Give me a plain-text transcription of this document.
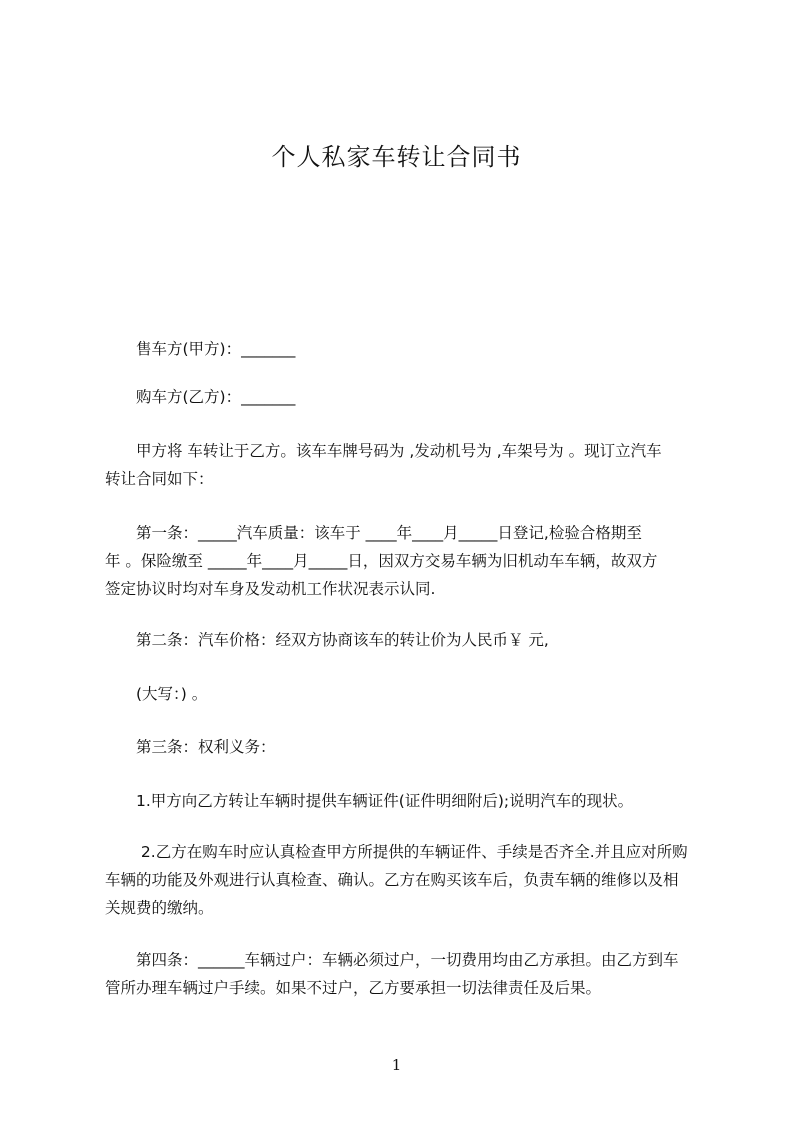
个人私家车转让合同书
　　售车方(甲方)：_______
　　购车方(乙方)：_______
　　甲方将 车转让于乙方。该车车牌号码为 ,发动机号为 ,车架号为 。现订立汽车
转让合同如下：
　　第一条：_____汽车质量：该车于 ____年____月_____日登记,检验合格期至
年 。保险缴至 _____年____月_____日，因双方交易车辆为旧机动车车辆，故双方
签定协议时均对车身及发动机工作状况表示认同.
　　第二条：汽车价格：经双方协商该车的转让价为人民币￥ 元,
　　(大写：) 。
　　第三条：权利义务：
　　1.甲方向乙方转让车辆时提供车辆证件(证件明细附后);说明汽车的现状。
　　 2.乙方在购车时应认真检查甲方所提供的车辆证件、手续是否齐全.并且应对所购
车辆的功能及外观进行认真检查、确认。乙方在购买该车后，负责车辆的维修以及相
关规费的缴纳。
　　第四条：______车辆过户：车辆必须过户，一切费用均由乙方承担。由乙方到车
管所办理车辆过户手续。如果不过户，乙方要承担一切法律责任及后果。
1
